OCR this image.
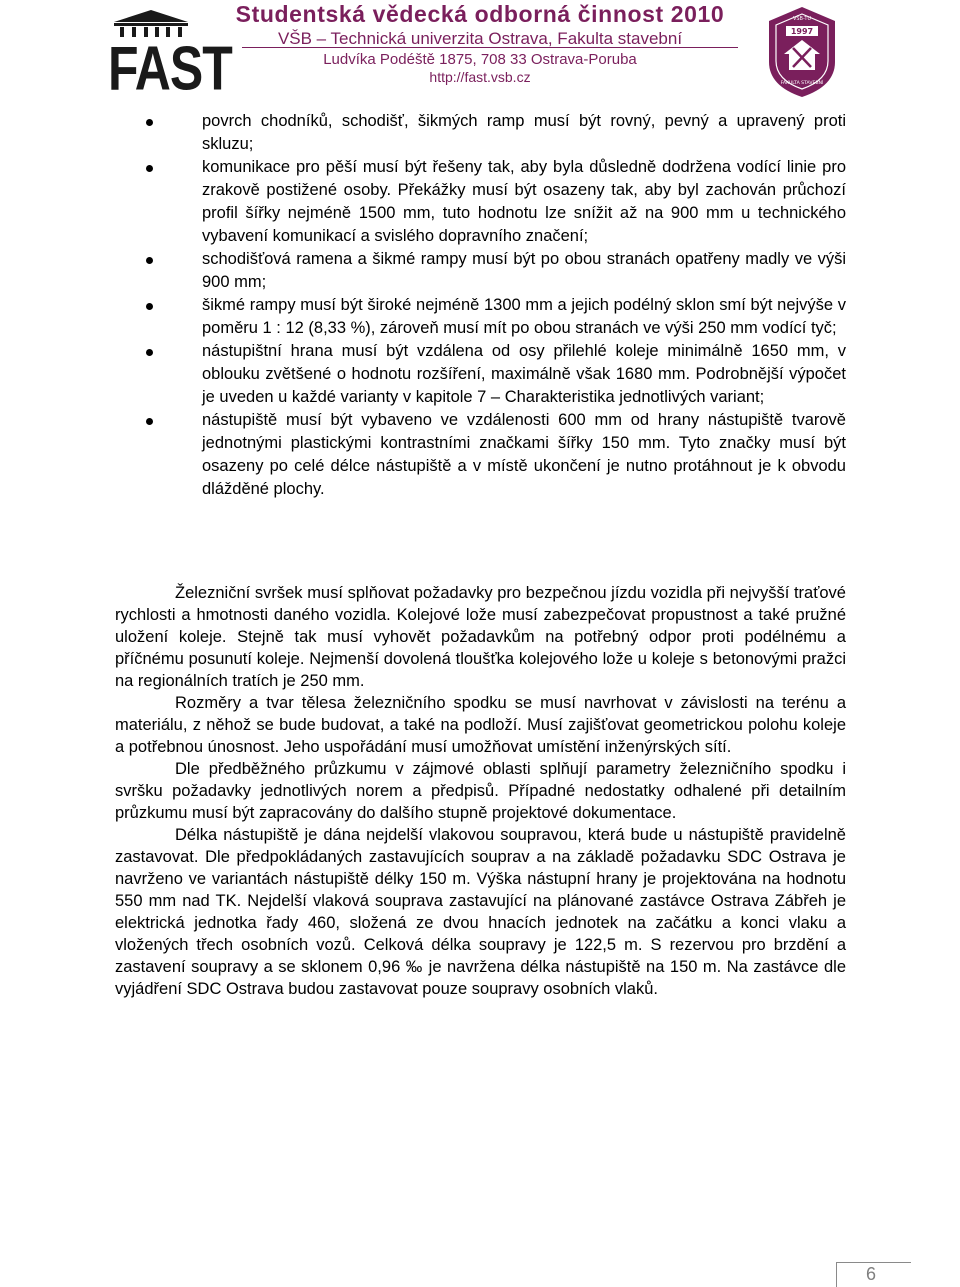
FAST
Studentská vědecká odborná činnost 2010
VŠB – Technická univerzita Ostrava, Fakulta stavební
Ludvíka Podéště 1875, 708 33 Ostrava-Poruba
http://fast.vsb.cz
VŠB-TU
1997
FAKULTA STAVEBNÍ
povrch chodníků, schodišť, šikmých ramp musí být rovný, pevný a upravený proti skluzu;
komunikace pro pěší musí být řešeny tak, aby byla důsledně dodržena vodící linie pro zrakově postižené osoby. Překážky musí být osazeny tak, aby byl zachován průchozí profil šířky nejméně 1500 mm, tuto hodnotu lze snížit až na 900 mm u technického vybavení komunikací a svislého dopravního značení;
schodišťová ramena a šikmé rampy musí být po obou stranách opatřeny madly ve výši 900 mm;
šikmé rampy musí být široké nejméně 1300 mm a jejich podélný sklon smí být nejvýše v poměru 1 : 12 (8,33 %), zároveň musí mít po obou stranách ve výši 250 mm vodící tyč;
nástupištní hrana musí být vzdálena od osy přilehlé koleje minimálně 1650 mm, v oblouku zvětšené o hodnotu rozšíření, maximálně však 1680 mm. Podrobnější výpočet je uveden u každé varianty v kapitole 7 – Charakteristika jednotlivých variant;
nástupiště musí být vybaveno ve vzdálenosti 600 mm od hrany nástupiště tvarově jednotnými plastickými kontrastními značkami šířky 150 mm. Tyto značky musí být osazeny po celé délce nástupiště a v místě ukončení je nutno protáhnout je k obvodu dlážděné plochy.

Železniční svršek musí splňovat požadavky pro bezpečnou jízdu vozidla při nejvyšší traťové rychlosti a hmotnosti daného vozidla. Kolejové lože musí zabezpečovat propustnost a také pružné uložení koleje. Stejně tak musí vyhovět požadavkům na potřebný odpor proti podélnému a příčnému posunutí koleje. Nejmenší dovolená tloušťka kolejového lože u koleje s betonovými pražci na regionálních tratích je 250 mm.

Rozměry a tvar tělesa železničního spodku se musí navrhovat v závislosti na terénu a materiálu, z něhož se bude budovat, a také na podloží. Musí zajišťovat geometrickou polohu koleje a potřebnou únosnost. Jeho uspořádání musí umožňovat umístění inženýrských sítí.

Dle předběžného průzkumu v zájmové oblasti splňují parametry železničního spodku i svršku požadavky jednotlivých norem a předpisů. Případné nedostatky odhalené při detailním průzkumu musí být zapracovány do dalšího stupně projektové dokumentace.

Délka nástupiště je dána nejdelší vlakovou soupravou, která bude u nástupiště pravidelně zastavovat. Dle předpokládaných zastavujících souprav a na základě požadavku SDC Ostrava je navrženo ve variantách nástupiště délky 150 m. Výška nástupní hrany je projektována na hodnotu 550 mm nad TK. Nejdelší vlaková souprava zastavující na plánované zastávce Ostrava Zábřeh je elektrická jednotka řady 460, složená ze dvou hnacích jednotek na začátku a konci vlaku a vložených třech osobních vozů. Celková délka soupravy je 122,5 m. S rezervou pro brzdění a zastavení soupravy a se sklonem 0,96 ‰ je navržena délka nástupiště na 150 m. Na zastávce dle vyjádření SDC Ostrava budou zastavovat pouze soupravy osobních vlaků.

6
